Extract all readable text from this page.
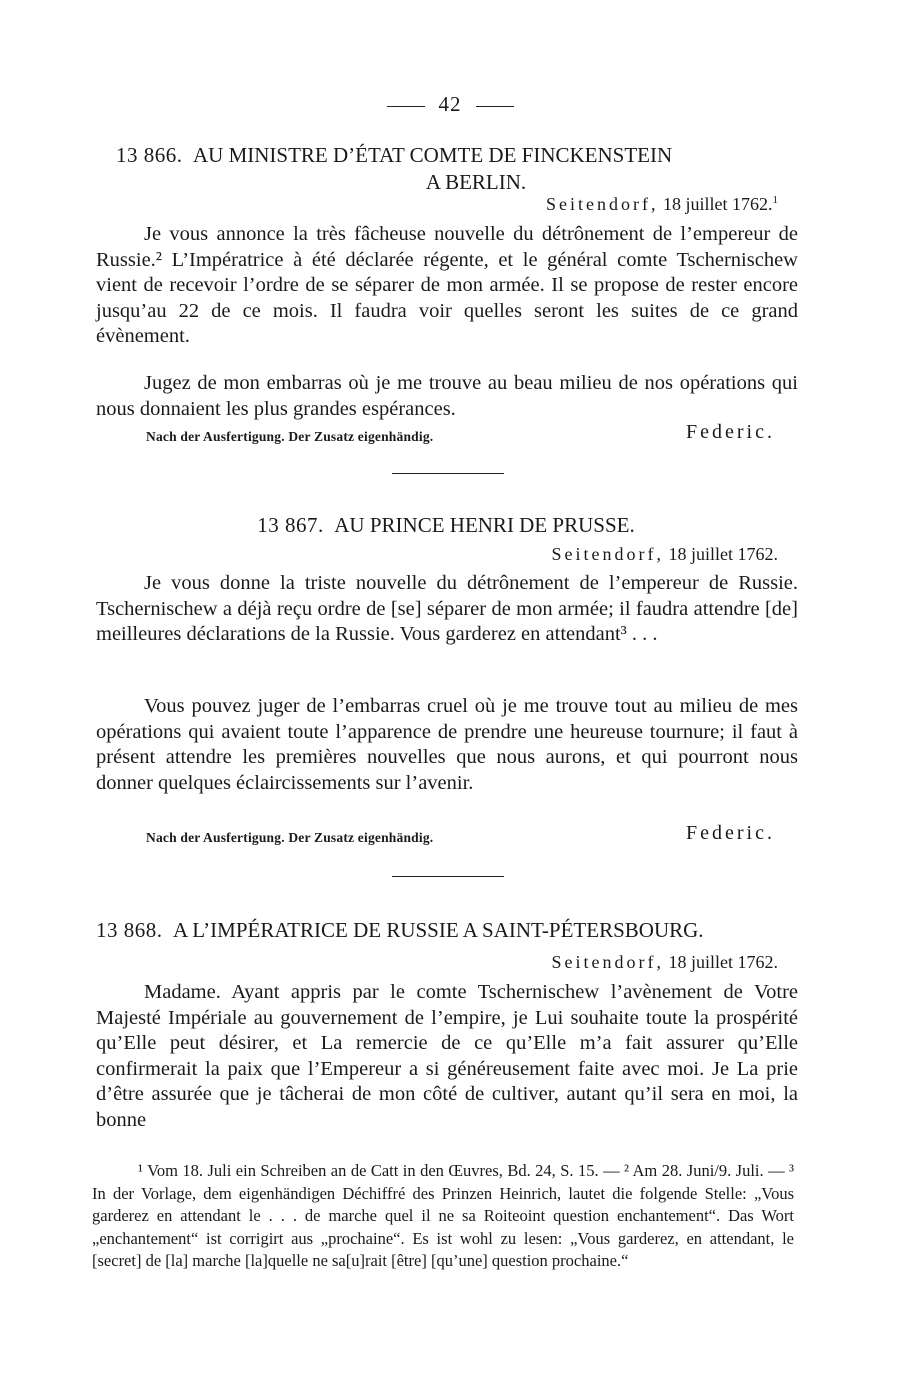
42
13 866. AU MINISTRE D’ÉTAT COMTE DE FINCKENSTEIN
A BERLIN.
Seitendorf, 18 juillet 1762.$^1$

Je vous annonce la très fâcheuse nouvelle du détrônement de l’empereur de Russie.² L’Impératrice à été déclarée régente, et le général comte Tschernischew vient de recevoir l’ordre de se séparer de mon armée. Il se propose de rester encore jusqu’au 22 de ce mois. Il faudra voir quelles seront les suites de ce grand évènement.

Jugez de mon embarras où je me trouve au beau milieu de nos opérations qui nous donnaient les plus grandes espérances.

Nach der Ausfertigung. Der Zusatz eigenhändig.	Federic.
13 867. AU PRINCE HENRI DE PRUSSE.
Seitendorf, 18 juillet 1762.

Je vous donne la triste nouvelle du détrônement de l’empereur de Russie. Tschernischew a déjà reçu ordre de [se] séparer de mon armée; il faudra attendre [de] meilleures déclarations de la Russie. Vous garderez en attendant³ . . .

Vous pouvez juger de l’embarras cruel où je me trouve tout au milieu de mes opérations qui avaient toute l’apparence de prendre une heureuse tournure; il faut à présent attendre les premières nouvelles que nous aurons, et qui pourront nous donner quelques éclaircissements sur l’avenir.

Nach der Ausfertigung. Der Zusatz eigenhändig.	Federic.
13 868. A L’IMPÉRATRICE DE RUSSIE A SAINT-PÉTERSBOURG.
Seitendorf, 18 juillet 1762.

Madame. Ayant appris par le comte Tschernischew l’avènement de Votre Majesté Impériale au gouvernement de l’empire, je Lui souhaite toute la prospérité qu’Elle peut désirer, et La remercie de ce qu’Elle m’a fait assurer qu’Elle confirmerait la paix que l’Empereur a si généreusement faite avec moi. Je La prie d’être assurée que je tâcherai de mon côté de cultiver, autant qu’il sera en moi, la bonne

¹ Vom 18. Juli ein Schreiben an de Catt in den Œuvres, Bd. 24, S. 15. — ² Am 28. Juni/9. Juli. — ³ In der Vorlage, dem eigenhändigen Déchiffré des Prinzen Heinrich, lautet die folgende Stelle: „Vous garderez en attendant le . . . de marche quel il ne sa Roiteoint question enchantement“. Das Wort „enchantement“ ist corrigirt aus „prochaine“. Es ist wohl zu lesen: „Vous garderez, en attendant, le [secret] de [la] marche [la]quelle ne sa[u]rait [être] [qu’une] question prochaine.“
